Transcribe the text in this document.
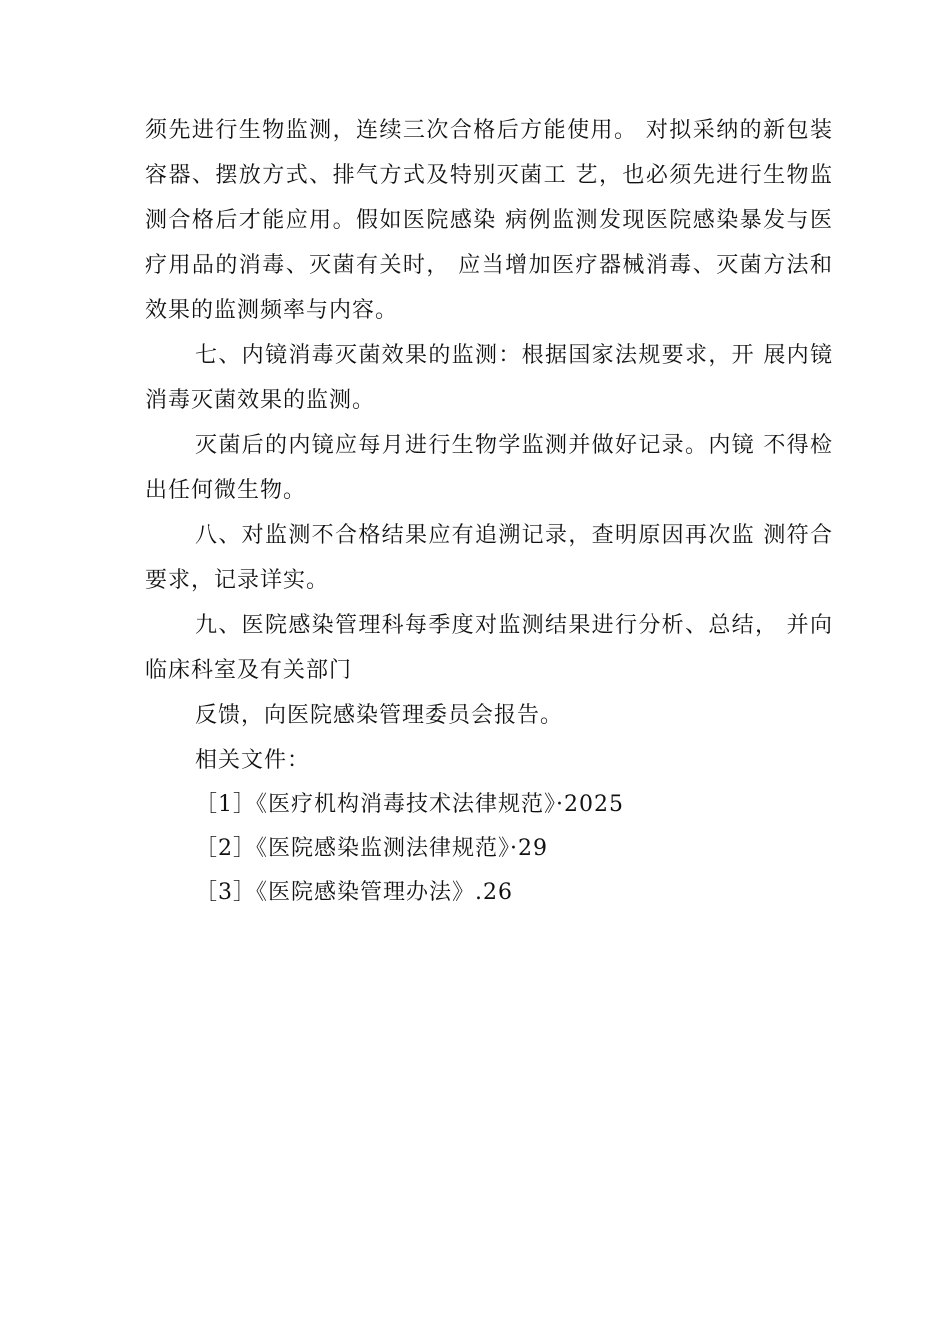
须先进行生物监测，连续三次合格后方能使用。 对拟采纳的新包装容器、摆放方式、排气方式及特别灭菌工 艺，也必须先进行生物监测合格后才能应用。假如医院感染 病例监测发现医院感染暴发与医疗用品的消毒、灭菌有关时， 应当增加医疗器械消毒、灭菌方法和效果的监测频率与内容。

七、内镜消毒灭菌效果的监测：根据国家法规要求，开 展内镜消毒灭菌效果的监测。

灭菌后的内镜应每月进行生物学监测并做好记录。内镜 不得检出任何微生物。

八、对监测不合格结果应有追溯记录，查明原因再次监 测符合要求，记录详实。

九、医院感染管理科每季度对监测结果进行分析、总结， 并向临床科室及有关部门

反馈，向医院感染管理委员会报告。

相关文件：

［1］《医疗机构消毒技术法律规范》·2025

［2］《医院感染监测法律规范》·29

［3］《医院感染管理办法》.26
